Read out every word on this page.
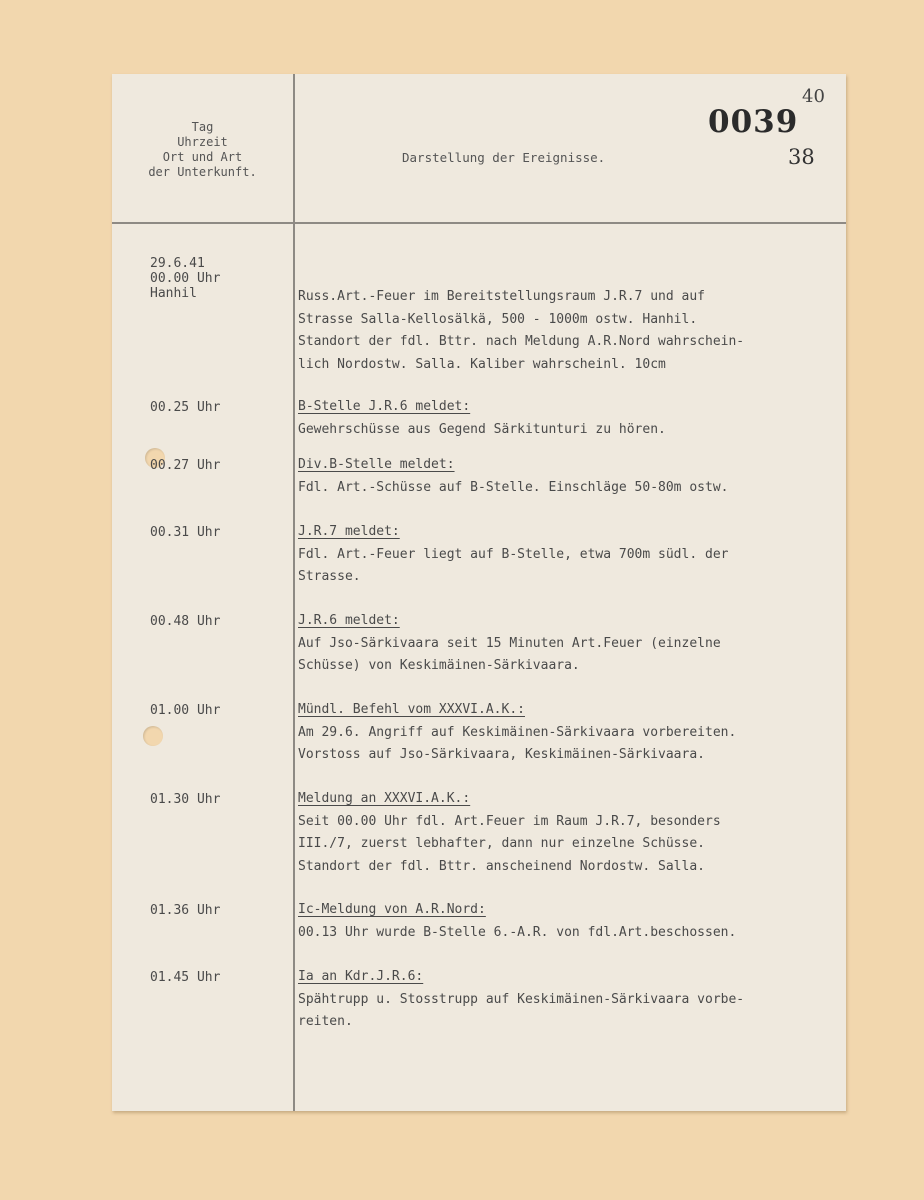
40
0039
38
Tag
Uhrzeit
Ort und Art
der Unterkunft.
Darstellung der Ereignisse.
29.6.41
00.00 Uhr
Hanhil	Russ.Art.-Feuer im Bereitstellungsraum J.R.7 und auf
Strasse Salla-Kellosälkä, 500 - 1000m ostw. Hanhil.
Standort der fdl. Bttr. nach Meldung A.R.Nord wahrschein-
lich Nordostw. Salla. Kaliber wahrscheinl. 10cm
00.25 Uhr	B-Stelle J.R.6 meldet:
Gewehrschüsse aus Gegend Särkitunturi zu hören.
00.27 Uhr	Div.B-Stelle meldet:
Fdl. Art.-Schüsse auf B-Stelle. Einschläge 50-80m ostw.
00.31 Uhr	J.R.7 meldet:
Fdl. Art.-Feuer liegt auf B-Stelle, etwa 700m südl. der
Strasse.
00.48 Uhr	J.R.6 meldet:
Auf Jso-Särkivaara seit 15 Minuten Art.Feuer (einzelne
Schüsse) von Keskimäinen-Särkivaara.
01.00 Uhr	Mündl. Befehl vom XXXVI.A.K.:
Am 29.6. Angriff auf Keskimäinen-Särkivaara vorbereiten.
Vorstoss auf Jso-Särkivaara, Keskimäinen-Särkivaara.
01.30 Uhr	Meldung an XXXVI.A.K.:
Seit 00.00 Uhr fdl. Art.Feuer im Raum J.R.7, besonders
III./7, zuerst lebhafter, dann nur einzelne Schüsse.
Standort der fdl. Bttr. anscheinend Nordostw. Salla.
01.36 Uhr	Ic-Meldung von A.R.Nord:
00.13 Uhr wurde B-Stelle 6.-A.R. von fdl.Art.beschossen.
01.45 Uhr	Ia an Kdr.J.R.6:
Spähtrupp u. Stosstrupp auf Keskimäinen-Särkivaara vorbe-
reiten.
